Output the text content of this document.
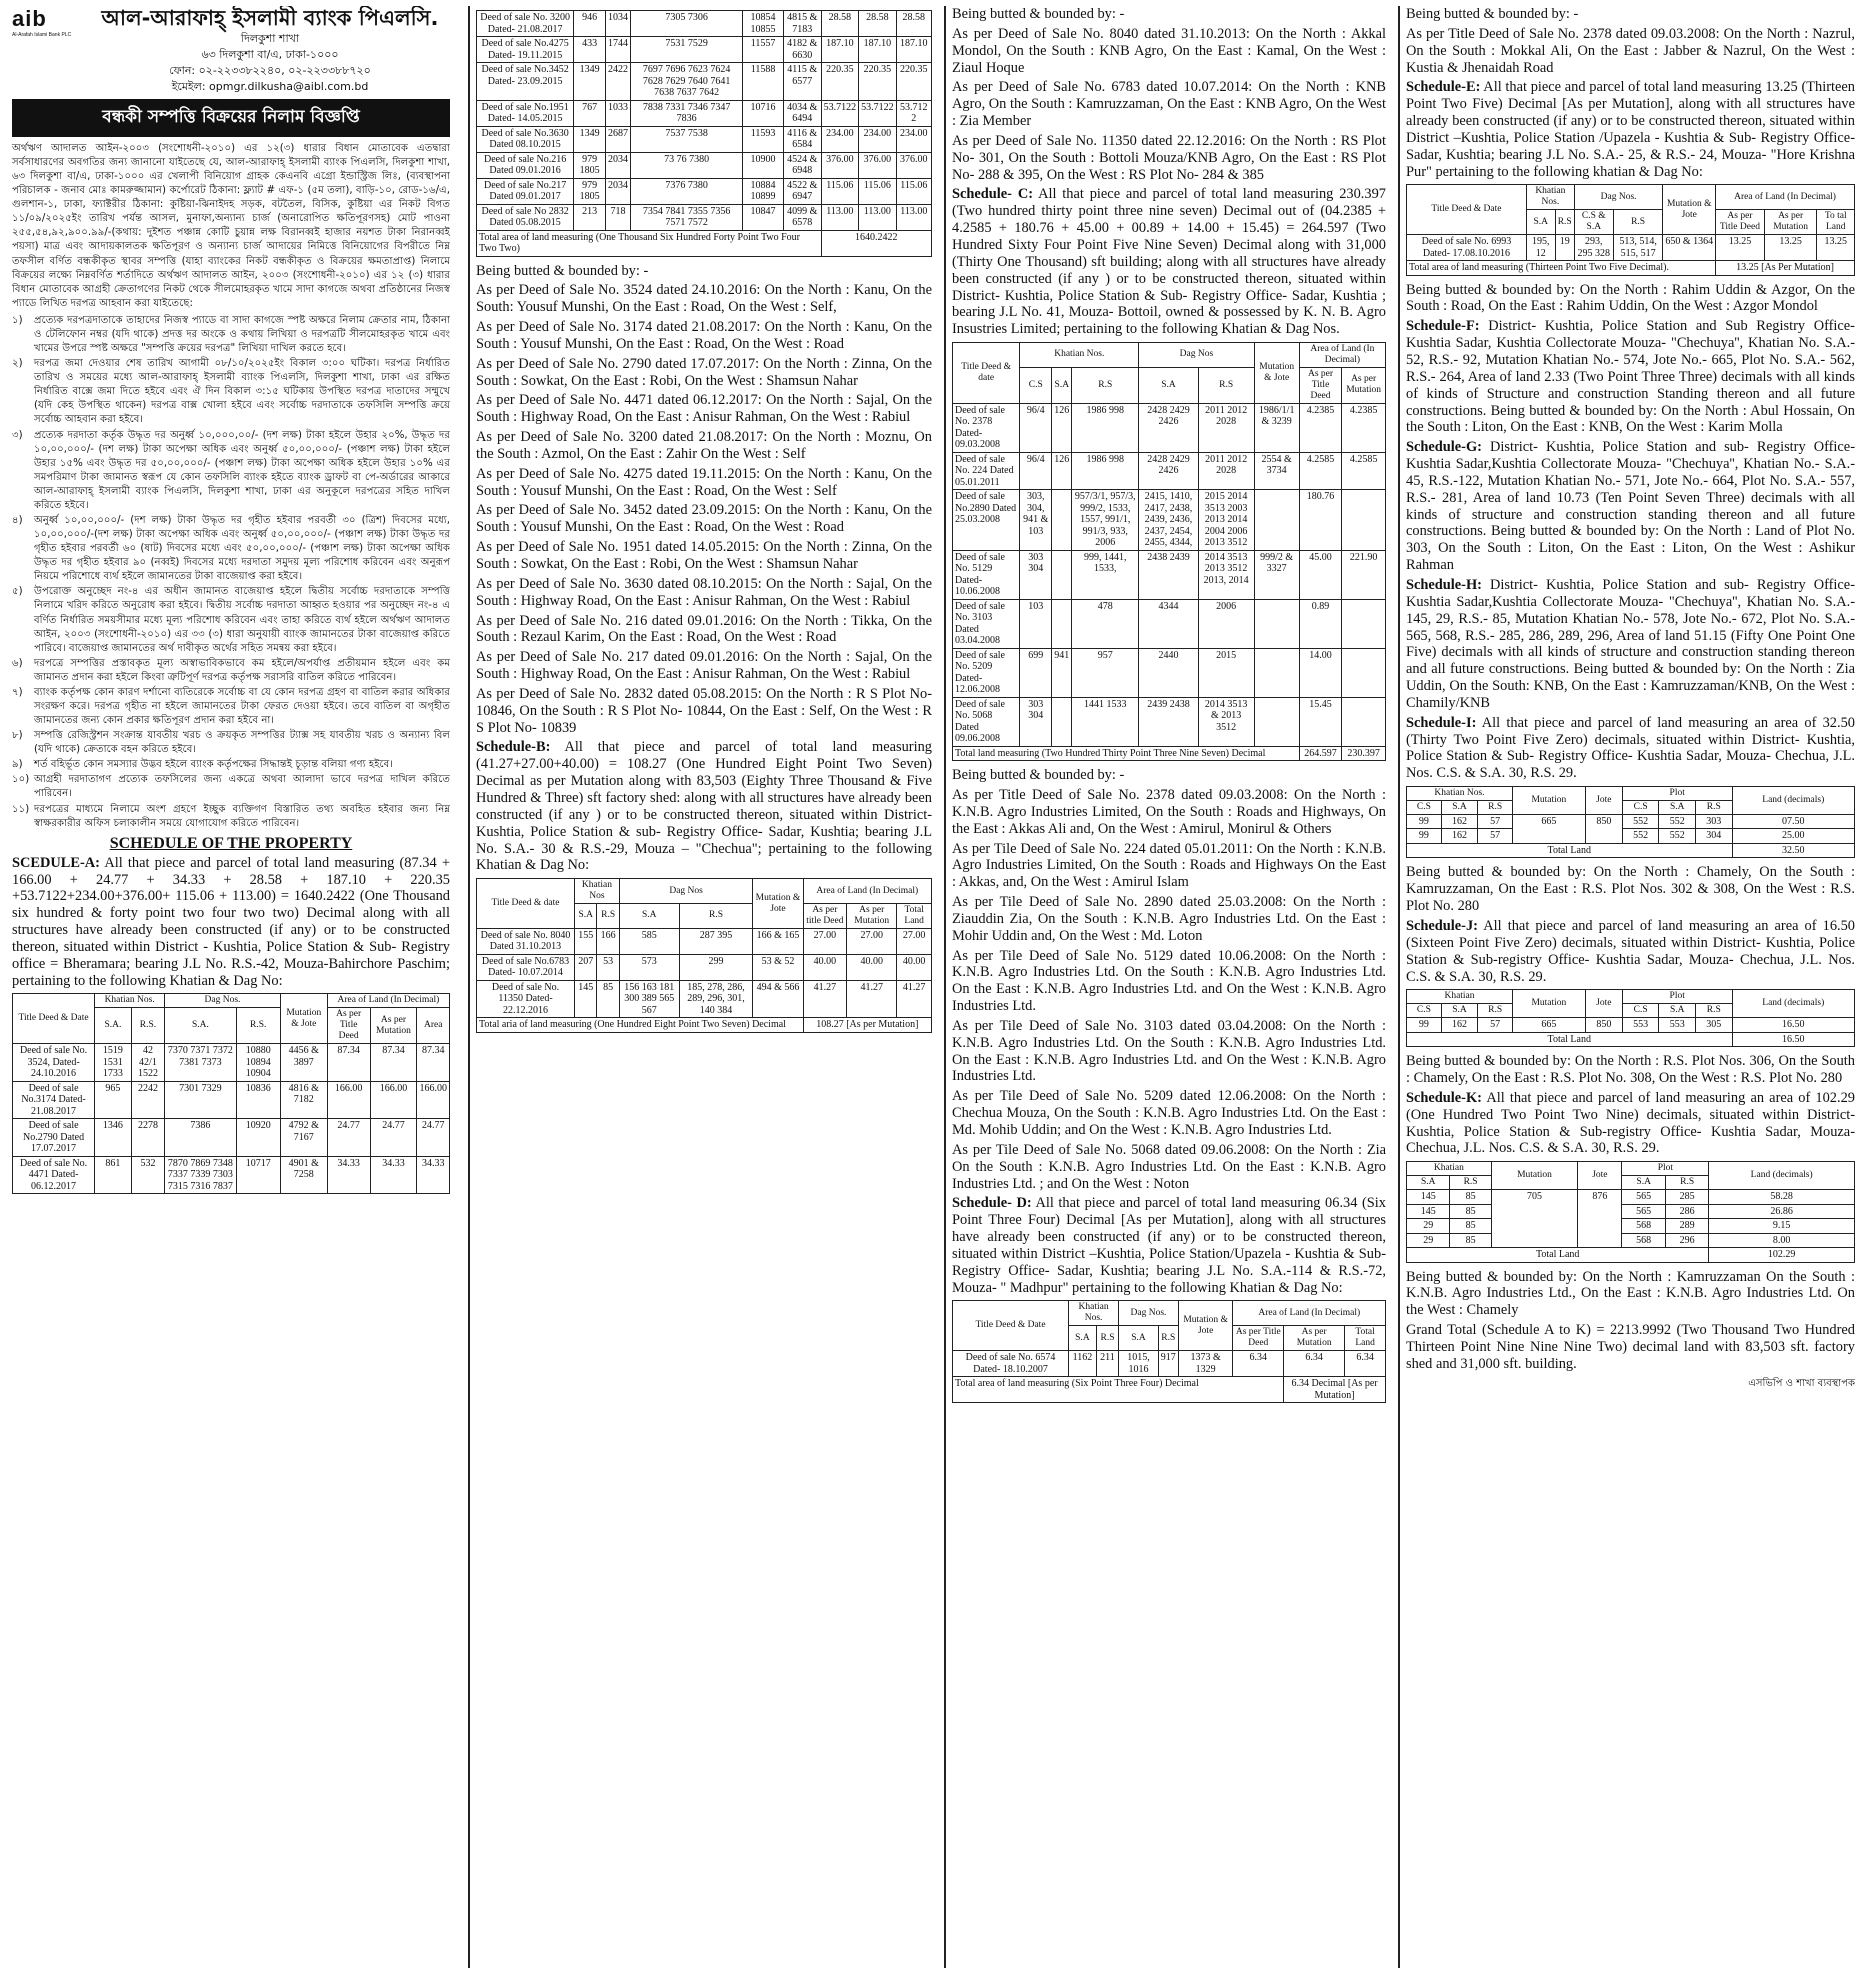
aib
Al-Arafah Islami Bank PLC
আল-আরাফাহ্ ইসলামী ব্যাংক পিএলসি.
দিলকুশা শাখা
৬৩ দিলকুশা বা/এ, ঢাকা-১০০০
ফোন: ০২-২২৩৩৮২২৪০, ০২-২২৩৩৮৮৭২০
ইমেইল: opmgr.dilkusha@aibl.com.bd
বন্ধকী সম্পত্তি বিক্রয়ের নিলাম বিজ্ঞপ্তি

অর্থঋণ আদালত আইন-২০০৩ (সংশোধনী-২০১০) এর ১২(৩) ধারার বিধান মোতাবেক এতদ্বারা সর্বসাধারণের অবগতির জন্য জানানো যাইতেছে যে, আল-আরাফাহ্ ইসলামী ব্যাংক পিএলসি, দিলকুশা শাখা, ৬৩ দিলকুশা বা/এ, ঢাকা-১০০০ এর খেলাপী বিনিয়োগ গ্রাহক কেএনবি এগ্রো ইন্ডাস্ট্রিজ লিঃ, (ব্যবস্থাপনা পরিচালক - জনাব মোঃ কামরুজ্জামান) কর্পোরেট ঠিকানা: ফ্ল্যাট # এফ-১ (৫ম তলা), বাড়ি-১০, রোড-১৬/এ, গুলশান-১, ঢাকা, ফ্যাক্টরীর ঠিকানা: কুষ্টিয়া-ঝিনাইদহ সড়ক, বটতৈল, বিসিক, কুষ্টিয়া এর নিকট বিগত ১১/০৯/২০২৫ইং তারিখ পর্যন্ত আসল, মুনাফা,অন্যান্য চার্জ (অনারোপিত ক্ষতিপূরণসহ) মোট পাওনা ২৫৫,৫৪,৯২,৯০০.৯৯/-(কথায়: দুইশত পঞ্চান্ন কোটি চুয়ান্ন লক্ষ বিরানব্বই হাজার নয়শত টাকা নিরানব্বই পয়সা) মাত্র এবং আদায়কালতক ক্ষতিপূরণ ও অন্যান্য চার্জ আদায়ের নিমিত্তে বিনিয়োগের বিপরীতে নিম্ন তফসীল বর্ণিত বন্ধকীকৃত স্থাবর সম্পত্তি (যাহা ব্যাংকের নিকট বন্ধকীকৃত ও বিক্রয়ের ক্ষমতাপ্রাপ্ত) নিলামে বিক্রয়ের লক্ষ্যে নিম্নবর্ণিত শর্তাদিতে অর্থঋণ আদালত আইন, ২০০৩ (সংশোধনী-২০১০) এর ১২ (৩) ধারার বিধান মোতাবেক আগ্রহী ক্রেতাগণের নিকট থেকে সীলমোহরকৃত খামে সাদা কাগজে অথবা প্রতিষ্ঠানের নিজস্ব প্যাডে লিখিত দরপত্র আহবান করা যাইতেছে:

১)	প্রত্যেক দরপত্রদাতাকে তাহাদের নিজস্ব প্যাডে বা সাদা কাগজে স্পষ্ট অক্ষরে নিলাম ক্রেতার নাম, ঠিকানা ও টেলিফোন নম্বর (যদি থাকে) প্রদত্ত দর অংকে ও কথায় লিখিয়া ও দরপত্রটি সীলমোহরকৃত খামে এবং খামের উপরে স্পষ্ট অক্ষরে "সম্পত্তি ক্রয়ের দরপত্র" লিখিয়া দাখিল করতে হবে।
২)	দরপত্র জমা দেওয়ার শেষ তারিখ আগামী ০৮/১০/২০২৫ইং বিকাল ৩:০০ ঘটিকা। দরপত্র নির্ধারিত তারিখ ও সময়ের মধ্যে আল-আরাফাহ্ ইসলামী ব্যাংক পিএলসি, দিলকুশা শাখা, ঢাকা এর রক্ষিত নির্ধারিত বাক্সে জমা দিতে হইবে এবং ঐ দিন বিকাল ৩:১৫ ঘটিকায় উপস্থিত দরপত্র দাতাদের সম্মুখে (যদি কেহ উপস্থিত থাকেন) দরপত্র বাক্স খোলা হইবে এবং সর্বোচ্চ দরদাতাকে তফসিলি সম্পত্তি ক্রয়ে সর্বোচ্চ আহবান করা হইবে।
৩)	প্রত্যেক দরদাতা কর্তৃক উদ্ধৃত দর অনুর্ধ্ব ১০,০০০,০০/- (দশ লক্ষ) টাকা হইলে উহার ২০%, উদ্ধৃত দর ১০,০০,০০০/- (দশ লক্ষ) টাকা অপেক্ষা অধিক এবং অনুর্ধ্ব ৫০,০০,০০০/- (পঞ্চাশ লক্ষ) টাকা হইলে উহার ১৫% এবং উদ্ধৃত দর ৫০,০০,০০০/- (পঞ্চাশ লক্ষ) টাকা অপেক্ষা অধিক হইলে উহার ১০% এর সমপরিমাণ টাকা জামানত স্বরূপ যে কোন তফসিলি ব্যাংক হইতে ব্যাংক ড্রাফট বা পে-অর্ডারের আকারে আল-আরাফাহ্ ইসলামী ব্যাংক পিএলসি, দিলকুশা শাখা, ঢাকা এর অনুকূলে দরপত্রের সহিত দাখিল করিতে হইবে।
৪)	অনুর্ধ্ব ১০,০০,০০০/- (দশ লক্ষ) টাকা উদ্ধৃত দর গৃহীত হইবার পরবর্তী ৩০ (ত্রিশ) দিবসের মধ্যে, ১০,০০,০০০/-(দশ লক্ষ) টাকা অপেক্ষা অধিক এবং অনুর্ধ্ব ৫০,০০,০০০/- (পঞ্চাশ লক্ষ) টাকা উদ্ধৃত দর গৃহীত হইবার পরবর্তী ৬০ (ষাট) দিবসের মধ্যে এবং ৫০,০০,০০০/- (পঞ্চাশ লক্ষ) টাকা অপেক্ষা অধিক উদ্ধৃত দর গৃহীত হইবার ৯০ (নব্বই) দিবসের মধ্যে দরদাতা সমুদয় মূল্য পরিশোধ করিবেন এবং অনুরূপ নিয়মে পরিশোধে ব্যর্থ হইলে জামানতের টাকা বাজেয়াপ্ত করা হইবে।
৫)	উপরোক্ত অনুচ্ছেদ নং-৪ এর অধীন জামানত বাজেয়াপ্ত হইলে দ্বিতীয় সর্বোচ্চ দরদাতাকে সম্পত্তি নিলামে খরিদ করিতে অনুরোধ করা হইবে। দ্বিতীয় সর্বোচ্চ দরদাতা আহ্বত হওয়ার পর অনুচ্ছেদ নং-৪ এ বর্ণিত নির্ধারিত সময়সীমার মধ্যে মূল্য পরিশোধ করিবেন এবং তাহা করিতে ব্যর্থ হইলে অর্থঋণ আদালত আইন, ২০০৩ (সংশোধনী-২০১০) এর ৩৩ (৩) ধারা অনুযায়ী ব্যাংক জামানতের টাকা বাজেয়াপ্ত করিতে পারিবে। বাজেয়াপ্ত জামানতের অর্থ দাবীকৃত অর্থের সহিত সমন্বয় করা হইবে।
৬)	দরপত্রে সম্পত্তির প্রস্তাবকৃত মূল্য অস্বাভাবিকভাবে কম হইলে/অপর্যাপ্ত প্রতীয়মান হইলে এবং কম জামানত প্রদান করা হইলে কিংবা ত্রুটিপূর্ণ দরপত্র কর্তৃপক্ষ সরাসরি বাতিল করিতে পারিবেন।
৭)	ব্যাংক কর্তৃপক্ষ কোন কারণ দর্শানো ব্যতিরেকে সর্বোচ্চ বা যে কোন দরপত্র গ্রহণ বা বাতিল করার অধিকার সংরক্ষণ করে। দরপত্র গৃহীত না হইলে জামানতের টাকা ফেরত দেওয়া হইবে। তবে বাতিল বা অগৃহীত জামানতের জন্য কোন প্রকার ক্ষতিপূরণ প্রদান করা হইবে না।
৮)	সম্পত্তি রেজিস্ট্রশন সংক্রান্ত যাবতীয় খরচ ও ক্রয়কৃত সম্পত্তির ট্যাক্স সহ যাবতীয় খরচ ও অন্যান্য বিল (যদি থাকে) ক্রেতাকে বহন করিতে হইবে।
৯)	শর্ত বহির্ভূত কোন সমস্যার উদ্ভব হইলে ব্যাংক কর্তৃপক্ষের সিদ্ধান্তই চূড়ান্ত বলিয়া গণ্য হইবে।
১০) আগ্রহী দরদাতাগণ প্রত্যেক তফসিলের জন্য একত্রে অথবা আলাদা ভাবে দরপত্র দাখিল করিতে পারিবেন।
১১) দরপত্রের মাধ্যমে নিলামে অংশ গ্রহণে ইচ্ছুক ব্যক্তিগণ বিস্তারিত তথ্য অবহিত হইবার জন্য নিম্ন স্বাক্ষরকারীর অফিস চলাকালীন সময়ে যোগাযোগ করিতে পারিবেন।
SCHEDULE OF THE PROPERTY

SCEDULE-A: All that piece and parcel of total land measuring (87.34 + 166.00 + 24.77 + 34.33 + 28.58 + 187.10 + 220.35 +53.7122+234.00+376.00+ 115.06 + 113.00) = 1640.2422 (One Thousand six hundred & forty point two four two two) Decimal along with all structures have already been constructed (if any) or to be constructed thereon, situated within District - Kushtia, Police Station & Sub- Registry office = Bheramara; bearing J.L No. R.S.-42, Mouza-Bahirchore Paschim; pertaining to the following Khatian & Dag No:

Title Deed & Date	Khatian Nos.		Dag Nos.		Mutation & Jote	Area of Land (In Decimal)		
	S.A.	R.S.	S.A.	R.S.		As per Title Deed	As per Mutation	Area
Deed of sale No. 3524, Dated- 24.10.2016	1519 1531 1733	42 42/1 1522	7370 7371 7372 7381 7373	10880 10894 10904	4456 & 3897	87.34	87.34	87.34
Deed of sale No.3174 Dated- 21.08.2017	965	2242	7301 7329	10836	4816 & 7182	166.00	166.00	166.00
Deed of sale No.2790 Dated 17.07.2017	1346	2278	7386	10920	4792 & 7167	24.77	24.77	24.77
Deed of sale No. 4471 Dated- 06.12.2017	861	532	7870 7869 7348 7337 7339 7303 7315 7316 7837	10717	4901 & 7258	34.33	34.33	34.33
Deed of sale No. 3200 Dated- 21.08.2017	946	1034	7305 7306	10854 10855	4815 & 7183	28.58	28.58	28.58
Deed of sale No.4275 Dated- 19.11.2015	433	1744	7531 7529	11557	4182 & 6630	187.10	187.10	187.10
Deed of sale No.3452 Dated- 23.09.2015	1349	2422	7697 7696 7623 7624 7628 7629 7640 7641 7638 7637 7642	11588	4115 & 6577	220.35	220.35	220.35
Deed of sale No.1951 Dated- 14.05.2015	767	1033	7838 7331 7346 7347 7836	10716	4034 & 6494	53.7122	53.7122	53.712 2
Deed of sale No.3630 Dated 08.10.2015	1349	2687	7537 7538	11593	4116 & 6584	234.00	234.00	234.00
Deed of sale No.216 Dated 09.01.2016	979 1805	2034	73 76 7380	10900	4524 & 6948	376.00	376.00	376.00
Deed of sale No.217 Dated 09.01.2017	979 1805	2034	7376 7380	10884 10899	4522 & 6947	115.06	115.06	115.06
Deed of sale No 2832 Dated 05.08.2015	213	718	7354 7841 7355 7356 7571 7572	10847	4099 & 6578	113.00	113.00	113.00
Total area of land measuring (One Thousand Six Hundred Forty Point Two Four Two Two)						1640.2422		

Being butted & bounded by: -

As per Deed of Sale No. 3524 dated 24.10.2016: On the North : Kanu, On the South: Yousuf Munshi, On the East : Road, On the West : Self,

As per Deed of Sale No. 3174 dated 21.08.2017: On the North : Kanu, On the South : Yousuf Munshi, On the East : Road, On the West : Road

As per Deed of Sale No. 2790 dated 17.07.2017: On the North : Zinna, On the South : Sowkat, On the East : Robi, On the West : Shamsun Nahar

As per Deed of Sale No. 4471 dated 06.12.2017: On the North : Sajal, On the South : Highway Road, On the East : Anisur Rahman, On the West : Rabiul

As per Deed of Sale No. 3200 dated 21.08.2017: On the North : Moznu, On the South : Azmol, On the East : Zahir On the West : Self

As per Deed of Sale No. 4275 dated 19.11.2015: On the North : Kanu, On the South : Yousuf Munshi, On the East : Road, On the West : Self

As per Deed of Sale No. 3452 dated 23.09.2015: On the North : Kanu, On the South : Yousuf Munshi, On the East : Road, On the West : Road

As per Deed of Sale No. 1951 dated 14.05.2015: On the North : Zinna, On the South : Sowkat, On the East : Robi, On the West : Shamsun Nahar

As per Deed of Sale No. 3630 dated 08.10.2015: On the North : Sajal, On the South : Highway Road, On the East : Anisur Rahman, On the West : Rabiul

As per Deed of Sale No. 216 dated 09.01.2016: On the North : Tikka, On the South : Rezaul Karim, On the East : Road, On the West : Road

As per Deed of Sale No. 217 dated 09.01.2016: On the North : Sajal, On the South : Highway Road, On the East : Anisur Rahman, On the West : Rabiul

As per Deed of Sale No. 2832 dated 05.08.2015: On the North : R S Plot No- 10846, On the South : R S Plot No- 10844, On the East : Self, On the West : R S Plot No- 10839

Schedule-B: All that piece and parcel of total land measuring (41.27+27.00+40.00) = 108.27 (One Hundred Eight Point Two Seven) Decimal as per Mutation along with 83,503 (Eighty Three Thousand & Five Hundred & Three) sft factory shed: along with all structures have already been constructed (if any ) or to be constructed thereon, situated within District- Kushtia, Police Station & sub- Registry Office- Sadar, Kushtia; bearing J.L No. S.A.- 30 & R.S.-29, Mouza – "Chechua"; pertaining to the following Khatian & Dag No:

Title Deed & date	Khatian Nos		Dag Nos		Mutation & Jote	Area of Land (In Decimal)		
	S.A	R.S	S.A	R.S		As per title Deed	As per Mutation	Total Land
Deed of sale No. 8040 Dated 31.10.2013	155	166	585	287 395	166 & 165	27.00	27.00	27.00
Deed of sale No.6783 Dated- 10.07.2014	207	53	573	299	53 & 52	40.00	40.00	40.00
Deed of sale No. 11350 Dated- 22.12.2016	145	85	156 163 181 300 389 565 567	185, 278, 286, 289, 296, 301, 140 384	494 & 566	41.27	41.27	41.27
Total aria of land measuring (One Hundred Eight Point Two Seven) Decimal						108.27 [As per Mutation]		

Being butted & bounded by: -

As per Deed of Sale No. 8040 dated 31.10.2013: On the North : Akkal Mondol, On the South : KNB Agro, On the East : Kamal, On the West : Ziaul Hoque

As per Deed of Sale No. 6783 dated 10.07.2014: On the North : KNB Agro, On the South : Kamruzzaman, On the East : KNB Agro, On the West : Zia Member

As per Deed of Sale No. 11350 dated 22.12.2016: On the North : RS Plot No- 301, On the South : Bottoli Mouza/KNB Agro, On the East : RS Plot No- 288 & 395, On the West : RS Plot No- 284 & 385

Schedule- C: All that piece and parcel of total land measuring 230.397 (Two hundred thirty point three nine seven) Decimal out of (04.2385 + 4.2585 + 180.76 + 45.00 + 00.89 + 14.00 + 15.45) = 264.597 (Two Hundred Sixty Four Point Five Nine Seven) Decimal along with 31,000 (Thirty One Thousand) sft building; along with all structures have already been constructed (if any ) or to be constructed thereon, situated within District- Kushtia, Police Station & Sub- Registry Office- Sadar, Kushtia ; bearing J.L No. 41, Mouza- Bottoil, owned & possessed by K. N. B. Agro Insustries Limited; pertaining to the following Khatian & Dag Nos.

Title Deed & date	Khatian Nos.			Dag Nos		Mutation & Jote	Area of Land (In Decimal)	
	C.S	S.A	R.S	S.A	R.S		As per Title Deed	As per Mutation
Deed of sale No. 2378 Dated- 09.03.2008	96/4	126	1986 998	2428 2429 2426	2011 2012 2028	1986/1/1 & 3239	4.2385	4.2385
Deed of sale No. 224 Dated 05.01.2011	96/4	126	1986 998	2428 2429 2426	2011 2012 2028	2554 & 3734	4.2585	4.2585
Deed of sale No.2890 Dated 25.03.2008	303, 304, 941 & 103		957/3/1, 957/3, 999/2, 1533, 1557, 991/1, 991/3, 933, 2006	2415, 1410, 2417, 2438, 2439, 2436, 2437, 2454, 2455, 4344,	2015 2014 3513 2003 2013 2014 2004 2006 2013 3512		180.76	
Deed of sale No. 5129 Dated- 10.06.2008	303 304		999, 1441, 1533,	2438 2439	2014 3513 2013 3512 2013, 2014	999/2 & 3327	45.00	221.90
Deed of sale No. 3103 Dated 03.04.2008	103		478	4344	2006		0.89	
Deed of sale No. 5209 Dated- 12.06.2008	699	941	957	2440	2015		14.00	
Deed of sale No. 5068 Dated 09.06.2008	303 304		1441 1533	2439 2438	2014 3513 & 2013 3512		15.45	
Total land measuring (Two Hundred Thirty Point Three Nine Seven) Decimal							264.597	230.397

Being butted & bounded by: -

As per Title Deed of Sale No. 2378 dated 09.03.2008: On the North : K.N.B. Agro Industries Limited, On the South : Roads and Highways, On the East : Akkas Ali and, On the West : Amirul, Monirul & Others

As per Tile Deed of Sale No. 224 dated 05.01.2011: On the North : K.N.B. Agro Industries Limited, On the South : Roads and Highways On the East : Akkas, and, On the West : Amirul Islam

As per Tile Deed of Sale No. 2890 dated 25.03.2008: On the North : Ziauddin Zia, On the South : K.N.B. Agro Industries Ltd. On the East : Mohir Uddin and, On the West : Md. Loton

As per Tile Deed of Sale No. 5129 dated 10.06.2008: On the North : K.N.B. Agro Industries Ltd. On the South : K.N.B. Agro Industries Ltd. On the East : K.N.B. Agro Industries Ltd. and On the West : K.N.B. Agro Industries Ltd.

As per Tile Deed of Sale No. 3103 dated 03.04.2008: On the North : K.N.B. Agro Industries Ltd. On the South : K.N.B. Agro Industries Ltd. On the East : K.N.B. Agro Industries Ltd. and On the West : K.N.B. Agro Industries Ltd.

As per Tile Deed of Sale No. 5209 dated 12.06.2008: On the North : Chechua Mouza, On the South : K.N.B. Agro Industries Ltd. On the East : Md. Mohib Uddin; and On the West : K.N.B. Agro Industries Ltd.

As per Tile Deed of Sale No. 5068 dated 09.06.2008: On the North : Zia On the South : K.N.B. Agro Industries Ltd. On the East : K.N.B. Agro Industries Ltd. ; and On the West : Noton

Schedule- D: All that piece and parcel of total land measuring 06.34 (Six Point Three Four) Decimal [As per Mutation], along with all structures have already been constructed (if any) or to be constructed thereon, situated within District –Kushtia, Police Station/Upazela - Kushtia & Sub- Registry Office- Sadar, Kushtia; bearing J.L No. S.A.-114 & R.S.-72, Mouza- " Madhpur" pertaining to the following Khatian & Dag No:

Title Deed & Date	Khatian Nos.		Dag Nos.		Mutation & Jote	Area of Land (In Decimal)		
	S.A	R.S	S.A	R.S		As per Title Deed	As per Mutation	Total Land
Deed of sale No. 6574 Dated- 18.10.2007	1162	211	1015, 1016	917	1373 & 1329	6.34	6.34	6.34
Total area of land measuring (Six Point Three Four) Decimal							6.34 Decimal [As per Mutation]	

Being butted & bounded by: -

As per Title Deed of Sale No. 2378 dated 09.03.2008: On the North : Nazrul, On the South : Mokkal Ali, On the East : Jabber & Nazrul, On the West : Kustia & Jhenaidah Road

Schedule-E: All that piece and parcel of total land measuring 13.25 (Thirteen Point Two Five) Decimal [As per Mutation], along with all structures have already been constructed (if any) or to be constructed thereon, situated within District –Kushtia, Police Station /Upazela - Kushtia & Sub- Registry Office- Sadar, Kushtia; bearing J.L No. S.A.- 25, & R.S.- 24, Mouza- "Hore Krishna Pur" pertaining to the following khatian & Dag No:

Title Deed & Date	Khatian Nos.		Dag Nos.		Mutation & Jote	Area of Land (In Decimal)		
	S.A	R.S	C.S & S.A	R.S		As per Title Deed	As per Mutation	To tal Land
Deed of sale No. 6993 Dated- 17.08.10.2016	195, 12	19	293, 295 328	513, 514, 515, 517	650 & 1364	13.25	13.25	13.25
Total area of land measuring (Thirteen Point Two Five Decimal).						13.25 [As Per Mutation]		

Being butted & bounded by: On the North : Rahim Uddin & Azgor, On the South : Road, On the East : Rahim Uddin, On the West : Azgor Mondol

Schedule-F: District- Kushtia, Police Station and Sub Registry Office- Kushtia Sadar, Kushtia Collectorate Mouza- "Chechuya'', Khatian No. S.A.- 52, R.S.- 92, Mutation Khatian No.- 574, Jote No.- 665, Plot No. S.A.- 562, R.S.- 264, Area of land 2.33 (Two Point Three Three) decimals with all kinds of kinds of Structure and construction Standing thereon and all future constructions. Being butted & bounded by: On the North : Abul Hossain, On the South : Liton, On the East : KNB, On the West : Karim Molla

Schedule-G: District- Kushtia, Police Station and sub- Registry Office- Kushtia Sadar,Kushtia Collectorate Mouza- "Chechuya'', Khatian No.- S.A.- 45, R.S.-122, Mutation Khatian No.- 571, Jote No.- 664, Plot No. S.A.- 557, R.S.- 281, Area of land 10.73 (Ten Point Seven Three) decimals with all kinds of structure and construction standing thereon and all future constructions. Being butted & bounded by: On the North : Land of Plot No. 303, On the South : Liton, On the East : Liton, On the West : Ashikur Rahman

Schedule-H: District- Kushtia, Police Station and sub- Registry Office- Kushtia Sadar,Kushtia Collectorate Mouza- "Chechuya'', Khatian No. S.A.- 145, 29, R.S.- 85, Mutation Khatian No.- 578, Jote No.- 672, Plot No. S.A.- 565, 568, R.S.- 285, 286, 289, 296, Area of land 51.15 (Fifty One Point One Five) decimals with all kinds of structure and construction standing thereon and all future constructions. Being butted & bounded by: On the North : Zia Uddin, On the South: KNB, On the East : Kamruzzaman/KNB, On the West : Chamily/KNB

Schedule-I: All that piece and parcel of land measuring an area of 32.50 (Thirty Two Point Five Zero) decimals, situated within District- Kushtia, Police Station & Sub- Registry Office- Kushtia Sadar, Mouza- Chechua, J.L. Nos. C.S. & S.A. 30, R.S. 29.

Khatian Nos.			Mutation	Jote	Plot			Land (decimals)
C.S	S.A	R.S			C.S	S.A	R.S	
99	162	57	665	850	552	552	303	07.50
99	162	57			552	552	304	25.00
Total Land								32.50

Being butted & bounded by: On the North : Chamely, On the South : Kamruzzaman, On the East : R.S. Plot Nos. 302 & 308, On the West : R.S. Plot No. 280

Schedule-J: All that piece and parcel of land measuring an area of 16.50 (Sixteen Point Five Zero) decimals, situated within District- Kushtia, Police Station & Sub-registry Office- Kushtia Sadar, Mouza- Chechua, J.L. Nos. C.S. & S.A. 30, R.S. 29.

Khatian			Mutation	Jote	Plot			Land (decimals)
C.S	S.A	R.S			C.S	S.A	R.S	
99	162	57	665	850	553	553	305	16.50
Total Land								16.50

Being butted & bounded by: On the North : R.S. Plot Nos. 306, On the South : Chamely, On the East : R.S. Plot No. 308, On the West : R.S. Plot No. 280

Schedule-K: All that piece and parcel of land measuring an area of 102.29 (One Hundred Two Point Two Nine) decimals, situated within District- Kushtia, Police Station & Sub-registry Office- Kushtia Sadar, Mouza- Chechua, J.L. Nos. C.S. & S.A. 30, R.S. 29.

Khatian		Mutation	Jote	Plot		Land (decimals)
S.A	R.S			S.A	R.S	
145	85	705	876	565	285	58.28
145	85			565	286	26.86
29	85			568	289	9.15
29	85			568	296	8.00
Total Land						102.29

Being butted & bounded by: On the North : Kamruzzaman On the South : K.N.B. Agro Industries Ltd., On the East : K.N.B. Agro Industries Ltd. On the West : Chamely

Grand Total (Schedule A to K) = 2213.9992 (Two Thousand Two Hundred Thirteen Point Nine Nine Nine Two) decimal land with 83,503 sft. factory shed and 31,000 sft. building.

এসভিপি ও শাখা ব্যবস্থাপক
